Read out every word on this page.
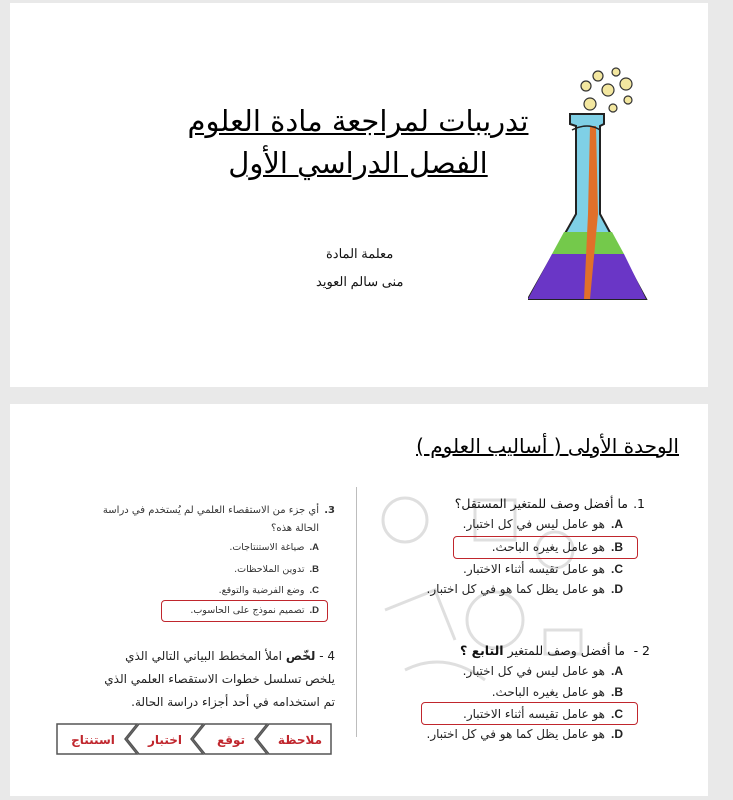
تدريبات لمراجعة مادة العلوم
الفصل الدراسي الأول
معلمة المادة
منى سالم العويد
الوحدة الأولى ( أساليب العلوم )
1.
ما أفضل وصف للمتغير المستقل؟
A.هو عامل ليس في كل اختبار.
B.هو عامل يغيره الباحث.
C.هو عامل تقيسه أثناء الاختبار.
D.هو عامل يظل كما هو في كل اختبار.
2 -
ما أفضل وصف للمتغير التابع ؟
A.هو عامل ليس في كل اختبار.
B.هو عامل يغيره الباحث.
C.هو عامل تقيسه أثناء الاختبار.
D.هو عامل يظل كما هو في كل اختبار.
3.
أي جزء من الاستقصاء العلمي لم يُستخدم في دراسة
الحالة هذه؟
A.صياغة الاستنتاجات.
B.تدوين الملاحظات.
C.وضع الفرضية والتوقع.
D.تصميم نموذج على الحاسوب.
4 - لخّص املأ المخطط البياني التالي الذي
يلخص تسلسل خطوات الاستقصاء العلمي الذي
تم استخدامه في أحد أجزاء دراسة الحالة.
ملاحظة
توقع
اختبار
استنتاج
